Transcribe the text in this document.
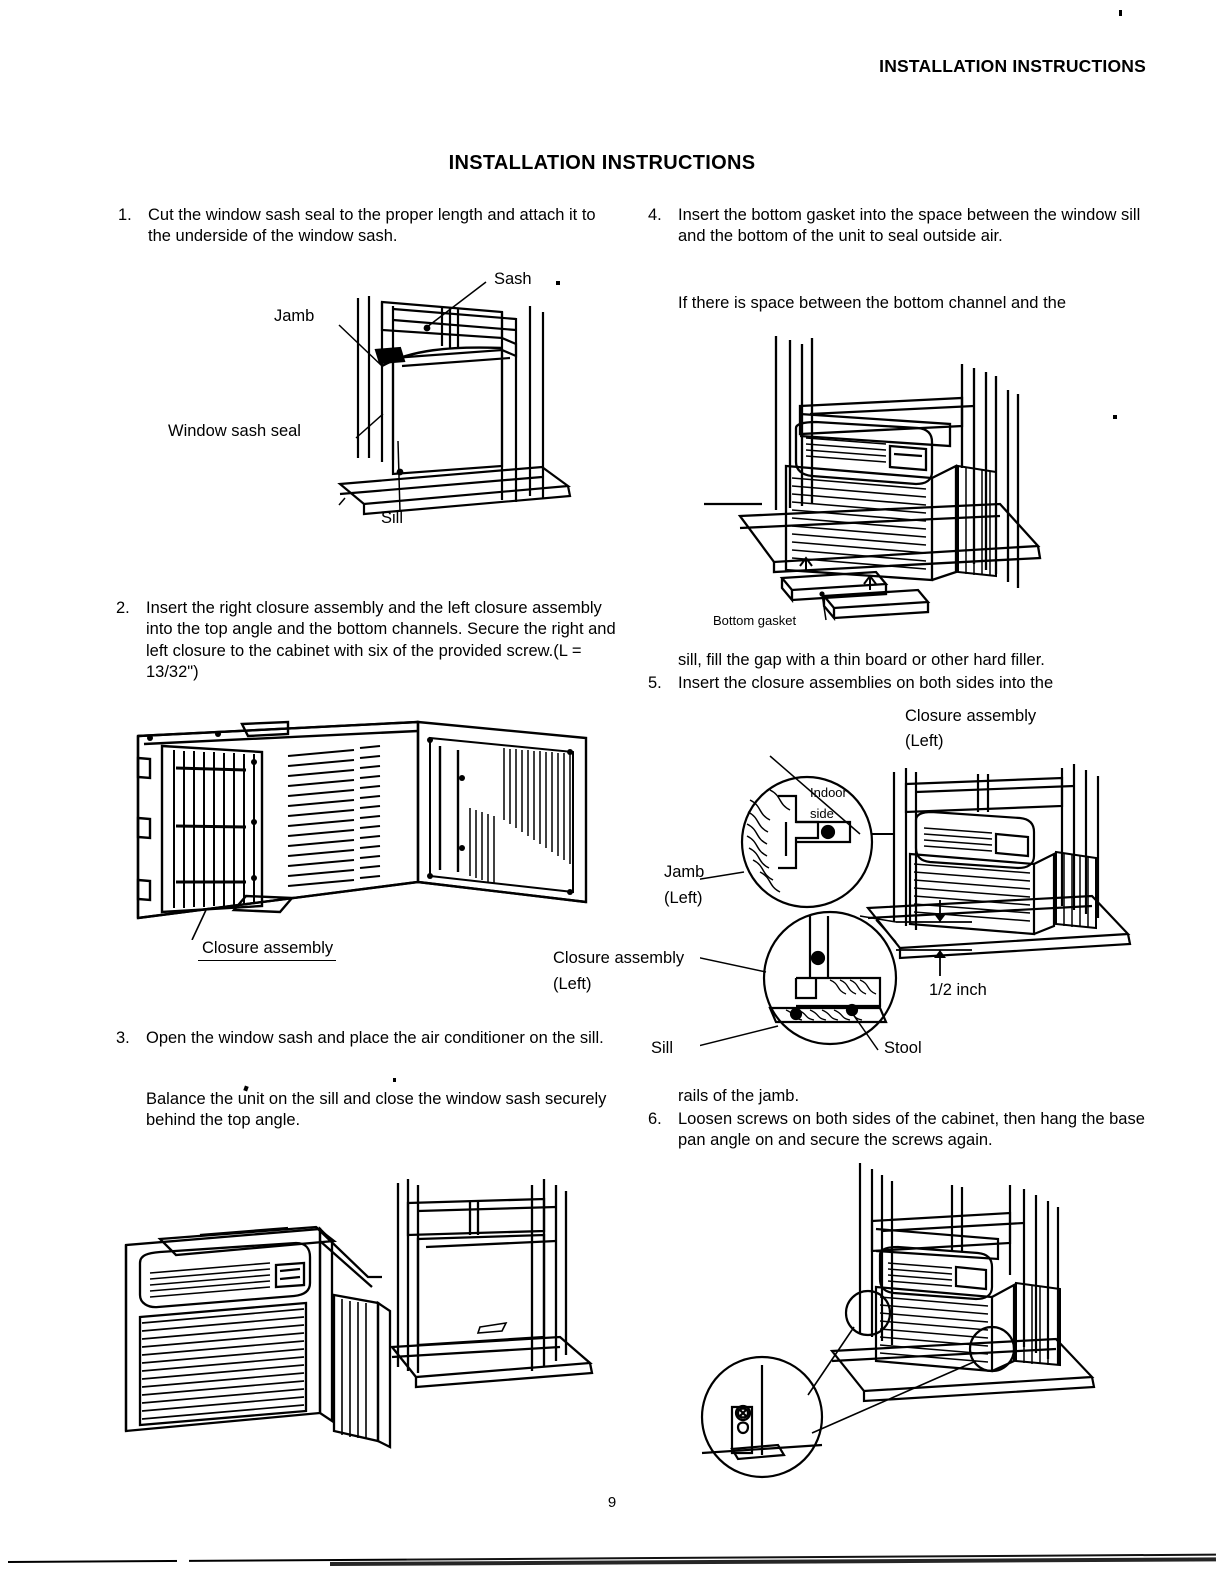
INSTALLATION INSTRUCTIONS
INSTALLATION INSTRUCTIONS
1. Cut the window sash seal to the proper length and attach it to the underside of the window sash.
Sash
Jamb
Window sash seal
Sill
2. Insert the right closure assembly and the left closure assembly into the top angle and the bottom channels. Secure the right and left closure to the cabinet with six of the provided screw.(L = 13/32")
Closure assembly
3. Open the window sash and place the air conditioner on the sill.
Balance the unit on the sill and close the window sash securely behind the top angle.
4. Insert the bottom gasket into the space between the window sill and the bottom of the unit to seal outside air.
If there is space between the bottom channel and the
Bottom gasket
sill, fill the gap with a thin board or other hard filler.
5. Insert the closure assemblies on both sides into the
Closure assembly
(Left)
Indoor
side
Jamb
(Left)
Closure assembly
(Left)	1/2 inch
Sill	Stool
rails of the jamb.
6. Loosen screws on both sides of the cabinet, then hang the base pan angle on and secure the screws again.
9
